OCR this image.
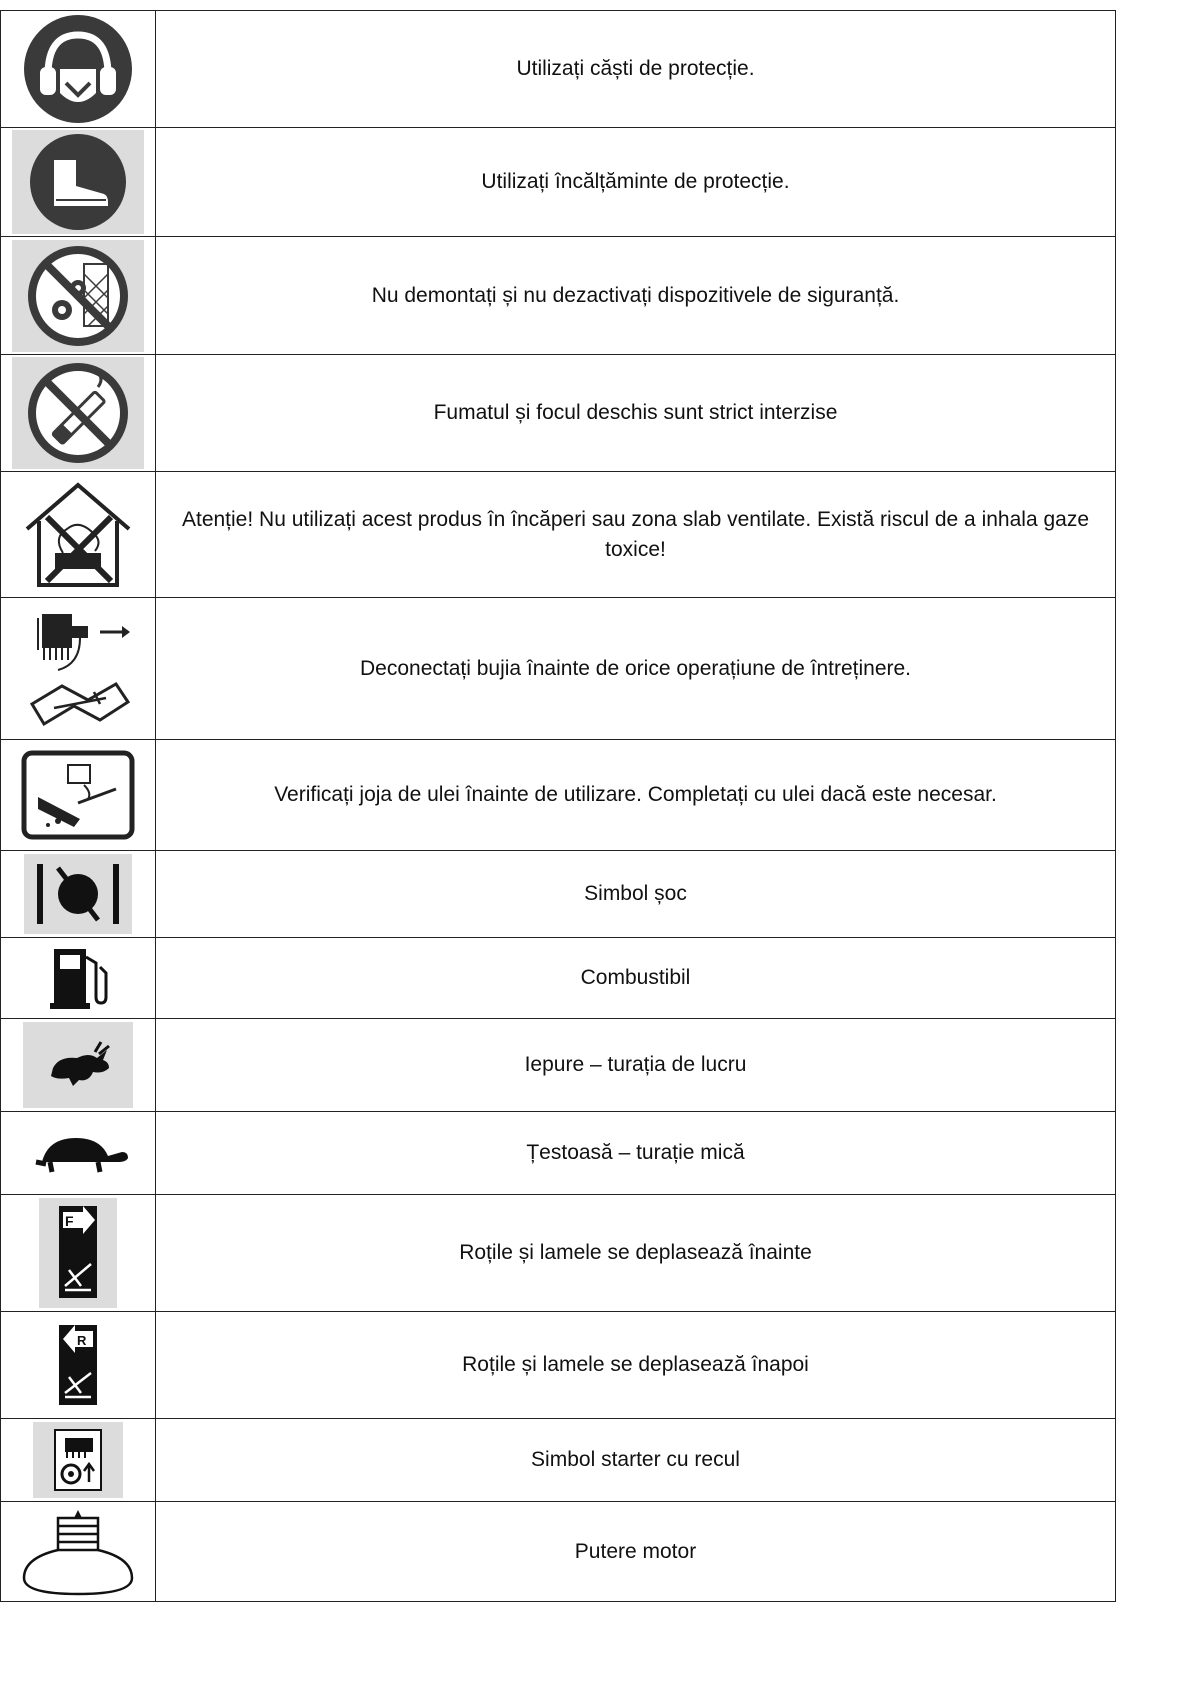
	Utilizați căști de protecție.

	Utilizați încălțăminte de protecție.

	Nu demontați și nu dezactivați dispozitivele de siguranță.

	Fumatul și focul deschis sunt strict interzise

	Atenție! Nu utilizați acest produs în încăperi sau zona slab ventilate. Există riscul de a inhala gaze toxice!

	Deconectați bujia înainte de orice operațiune de întreținere.

	Verificați joja de ulei înainte de utilizare. Completați cu ulei dacă este necesar.

	Simbol șoc

	Combustibil

	Iepure – turația de lucru

	Țestoasă – turație mică

F	Roțile și lamele se deplasează înainte

R	Roțile și lamele se deplasează înapoi

	Simbol starter cu recul

	Putere motor
